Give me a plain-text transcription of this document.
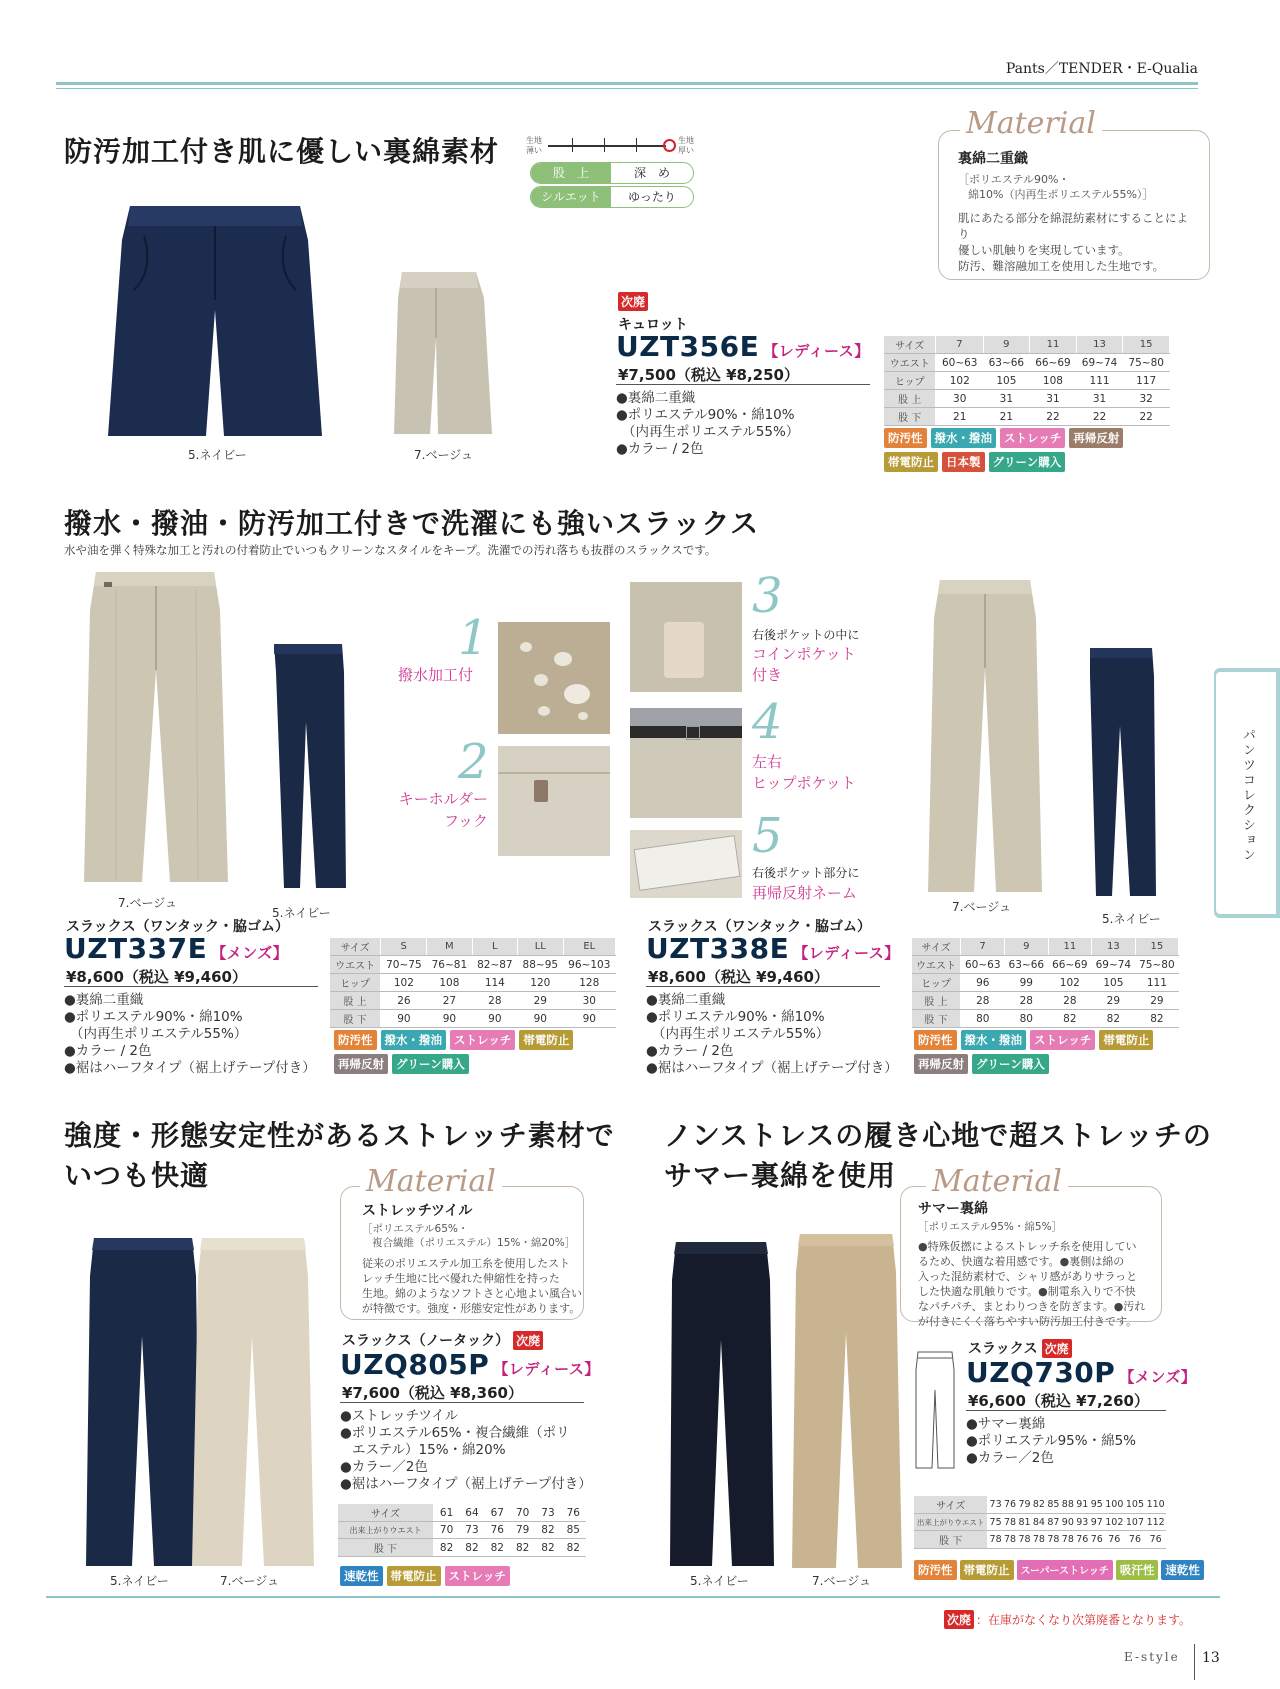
Pants／TENDER・E-Qualia
パンツコレクション
防汚加工付き肌に優しい裏綿素材	生地
薄い
生地
厚い
股　上	深　め
シルエット	ゆったり
Material
裏綿二重織
［ポリエステル90%・
綿10%（内再生ポリエステル55%）］
肌にあたる部分を綿混紡素材にすることにより
優しい肌触りを実現しています。
防汚、難溶融加工を使用した生地です。
5.ネイビー	7.ベージュ
次廃
キュロット
UZT356E 【レディース】
¥7,500（税込 ¥8,250）
●裏綿二重織
●ポリエステル90%・綿10%
（内再生ポリエステル55%）
●カラー / 2色
サイズ	7	9	11	13	15
ウエスト	60~63	63~66	66~69	69~74	75~80
ヒップ	102	105	108	111	117
股 上	30	31	31	31	32
股 下	21	21	22	22	22
防汚性	撥水・撥油	ストレッチ	再帰反射
帯電防止	日本製	グリーン購入
撥水・撥油・防汚加工付きで洗濯にも強いスラックス
水や油を弾く特殊な加工と汚れの付着防止でいつもクリーンなスタイルをキープ。洗濯での汚れ落ちも抜群のスラックスです。
7.ベージュ
5.ネイビー
1
撥水加工付
2
キーホルダー
フック
3
右後ポケットの中に
コインポケット
付き
4
左右
ヒップポケット
5
右後ポケット部分に
再帰反射ネーム
7.ベージュ
5.ネイビー
スラックス（ワンタック・脇ゴム）
UZT337E 【メンズ】
¥8,600（税込 ¥9,460）
●裏綿二重織
●ポリエステル90%・綿10%
（内再生ポリエステル55%）
●カラー / 2色
●裾はハーフタイプ（裾上げテープ付き）
サイズ	S	M	L	LL	EL
ウエスト	70~75	76~81	82~87	88~95	96~103
ヒップ	102	108	114	120	128
股 上	26	27	28	29	30
股 下	90	90	90	90	90
防汚性	撥水・撥油	ストレッチ	帯電防止
再帰反射	グリーン購入
スラックス（ワンタック・脇ゴム）
UZT338E 【レディース】
¥8,600（税込 ¥9,460）
●裏綿二重織
●ポリエステル90%・綿10%
（内再生ポリエステル55%）
●カラー / 2色
●裾はハーフタイプ（裾上げテープ付き）
サイズ	7	9	11	13	15
ウエスト	60~63	63~66	66~69	69~74	75~80
ヒップ	96	99	102	105	111
股 上	28	28	28	29	29
股 下	80	80	82	82	82
防汚性	撥水・撥油	ストレッチ	帯電防止
再帰反射	グリーン購入
強度・形態安定性があるストレッチ素材で
いつも快適	Material
ストレッチツイル
［ポリエステル65%・
複合繊維（ポリエステル）15%・綿20%］
従来のポリエステル加工糸を使用したスト
レッチ生地に比べ優れた伸縮性を持った
生地。綿のようなソフトさと心地よい風合い
が特徴です。強度・形態安定性があります。
5.ネイビー	7.ベージュ
スラックス（ノータック） 次廃
UZQ805P 【レディース】
¥7,600（税込 ¥8,360）
●ストレッチツイル
●ポリエステル65%・複合繊維（ポリ
エステル）15%・綿20%
●カラー／2色
●裾はハーフタイプ（裾上げテープ付き）
サイズ	61	64	67	70	73	76
出来上がりウエスト	70	73	76	79	82	85
股 下	82	82	82	82	82	82
速乾性	帯電防止	ストレッチ
ノンストレスの履き心地で超ストレッチの
サマー裏綿を使用	Material
サマー裏綿
［ポリエステル95%・綿5%］
●特殊仮撚によるストレッチ糸を使用してい
るため、快適な着用感です。●裏側は綿の
入った混紡素材で、シャリ感がありサラっと
した快適な肌触りです。●制電糸入りで不快
なパチパチ、まとわりつきを防ぎます。●汚れ
が付きにくく落ちやすい防汚加工付きです。
5.ネイビー	7.ベージュ
スラックス 次廃
UZQ730P 【メンズ】
¥6,600（税込 ¥7,260）
●サマー裏綿
●ポリエステル95%・綿5%
●カラー／2色
サイズ	73	76	79	82	85	88	91	95	100	105	110
出来上がりウエスト	75	78	81	84	87	90	93	97	102	107	112
股 下	78	78	78	78	78	78	76	76	76	76	76
防汚性 帯電防止	スーパーストレッチ 吸汗性 速乾性
次廃 ：在庫がなくなり次第廃番となります。
E-style 13
